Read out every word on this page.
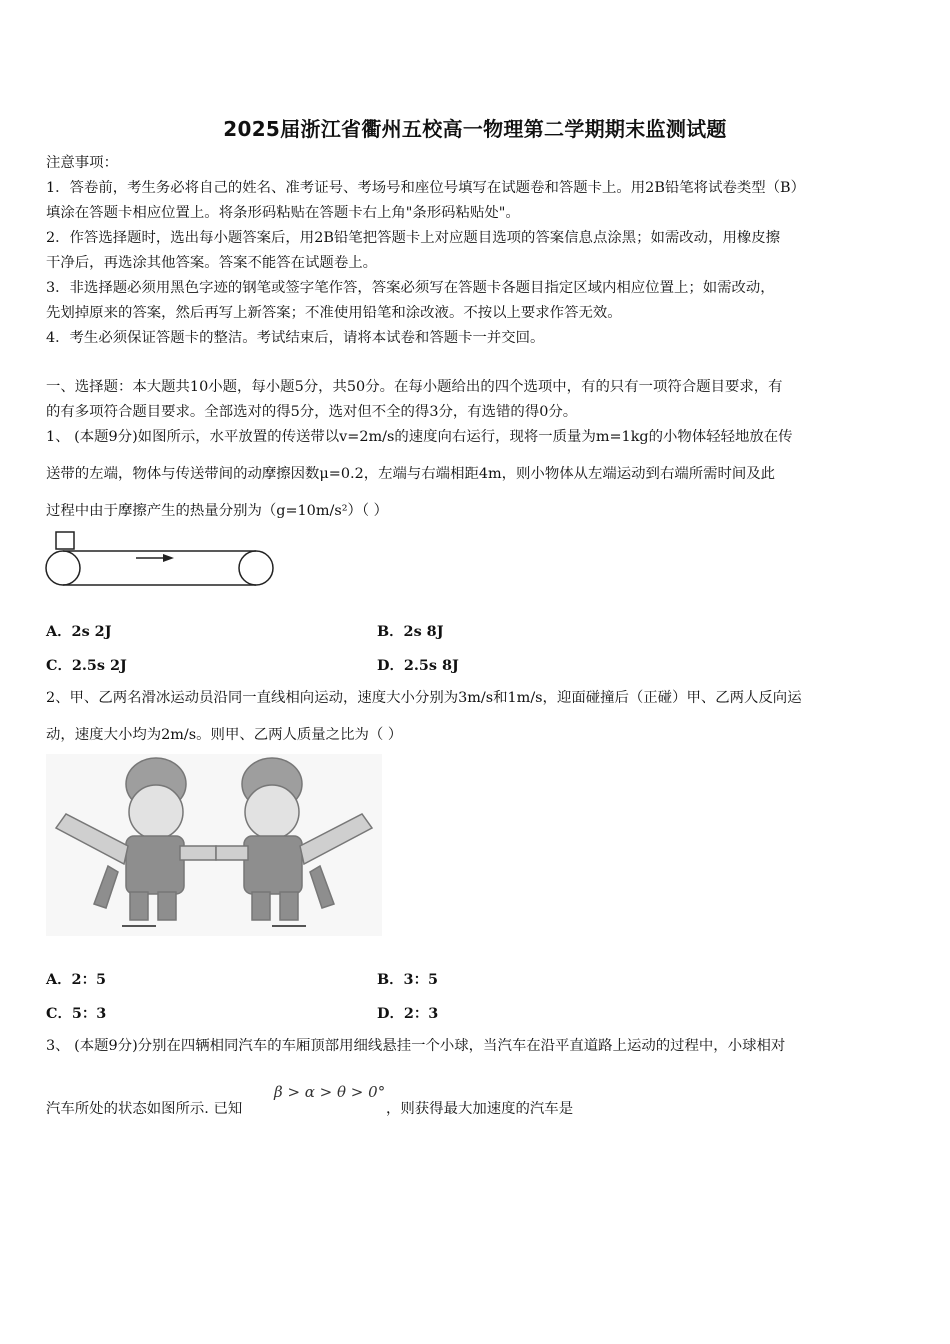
2025届浙江省衢州五校高一物理第二学期期末监测试题
注意事项：
1．答卷前，考生务必将自己的姓名、准考证号、考场号和座位号填写在试题卷和答题卡上。用2B铅笔将试卷类型（B）
填涂在答题卡相应位置上。将条形码粘贴在答题卡右上角"条形码粘贴处"。
2．作答选择题时，选出每小题答案后，用2B铅笔把答题卡上对应题目选项的答案信息点涂黑；如需改动，用橡皮擦
干净后，再选涂其他答案。答案不能答在试题卷上。
3．非选择题必须用黑色字迹的钢笔或签字笔作答，答案必须写在答题卡各题目指定区域内相应位置上；如需改动，
先划掉原来的答案，然后再写上新答案；不准使用铅笔和涂改液。不按以上要求作答无效。
4．考生必须保证答题卡的整洁。考试结束后，请将本试卷和答题卡一并交回。
一、选择题：本大题共10小题，每小题5分，共50分。在每小题给出的四个选项中，有的只有一项符合题目要求，有
的有多项符合题目要求。全部选对的得5分，选对但不全的得3分，有选错的得0分。
1、 (本题9分)如图所示，水平放置的传送带以v=2m/s的速度向右运行，现将一质量为m=1kg的小物体轻轻地放在传
送带的左端，物体与传送带间的动摩擦因数μ=0.2，左端与右端相距4m，则小物体从左端运动到右端所需时间及此
过程中由于摩擦产生的热量分别为（g=10m/s²）（ ）
A．2s 2J	B．2s 8J
C．2.5s 2J	D．2.5s 8J
2、甲、乙两名滑冰运动员沿同一直线相向运动，速度大小分别为3m/s和1m/s，迎面碰撞后（正碰）甲、乙两人反向运
动，速度大小均为2m/s。则甲、乙两人质量之比为（ ）
A．2：5	B．3：5
C．5：3	D．2：3
3、 (本题9分)分别在四辆相同汽车的车厢顶部用细线悬挂一个小球，当汽车在沿平直道路上运动的过程中，小球相对
汽车所处的状态如图所示. 已知
β > α > θ > 0°
，则获得最大加速度的汽车是
